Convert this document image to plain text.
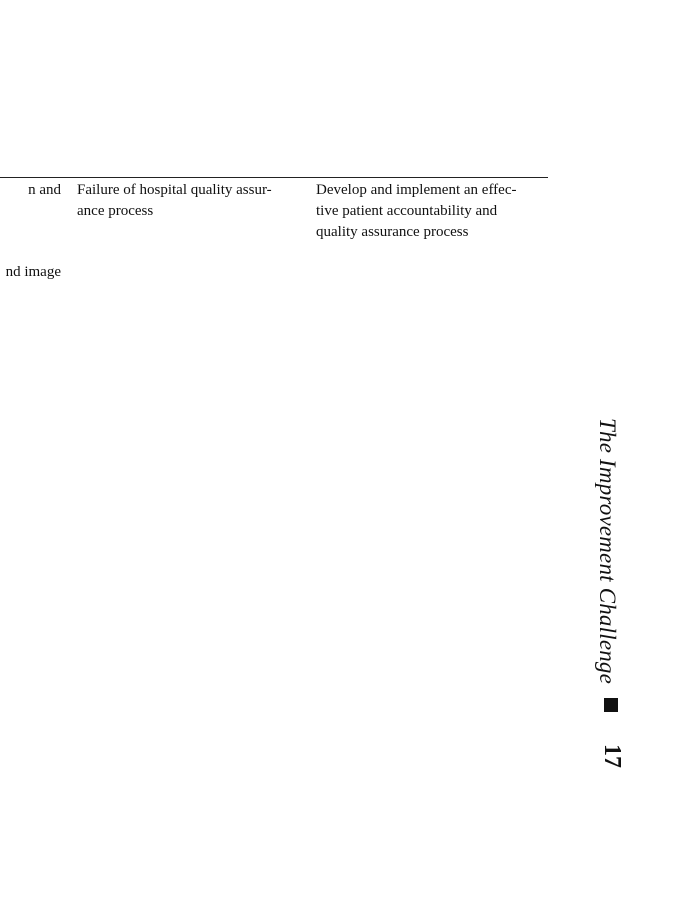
n and
nd image
Failure of hospital quality assur-
ance process
Develop and implement an effec-
tive patient accountability and
quality assurance process
The Improvement Challenge
17
